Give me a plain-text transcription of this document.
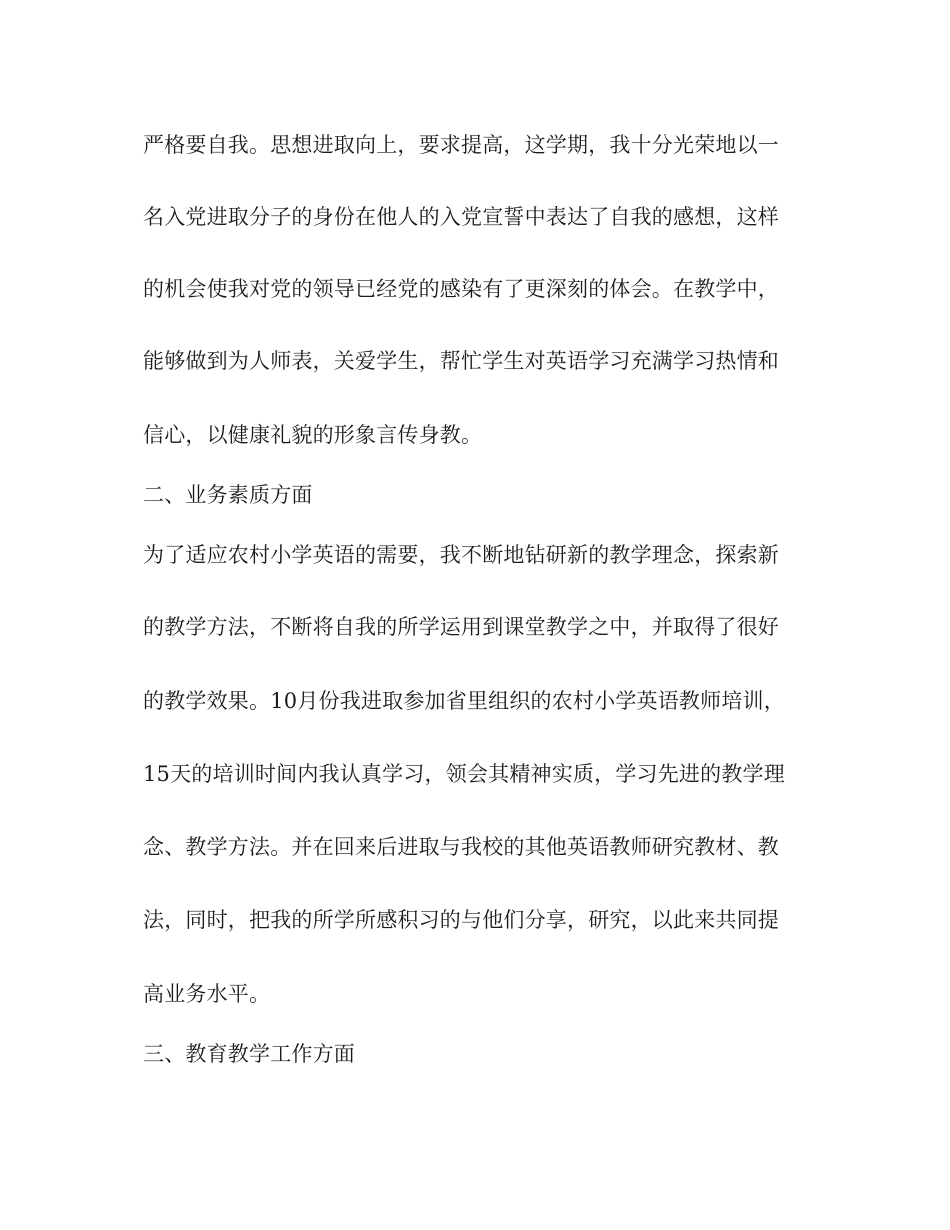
严格要自我。思想进取向上，要求提高，这学期，我十分光荣地以一
名入党进取分子的身份在他人的入党宣誓中表达了自我的感想，这样
的机会使我对党的领导已经党的感染有了更深刻的体会。在教学中，
能够做到为人师表，关爱学生，帮忙学生对英语学习充满学习热情和
信心，以健康礼貌的形象言传身教。
二、业务素质方面
为了适应农村小学英语的需要，我不断地钻研新的教学理念，探索新
的教学方法，不断将自我的所学运用到课堂教学之中，并取得了很好
的教学效果。10月份我进取参加省里组织的农村小学英语教师培训，
15天的培训时间内我认真学习，领会其精神实质，学习先进的教学理
念、教学方法。并在回来后进取与我校的其他英语教师研究教材、教
法，同时，把我的所学所感积习的与他们分享，研究，以此来共同提
高业务水平。
三、教育教学工作方面
